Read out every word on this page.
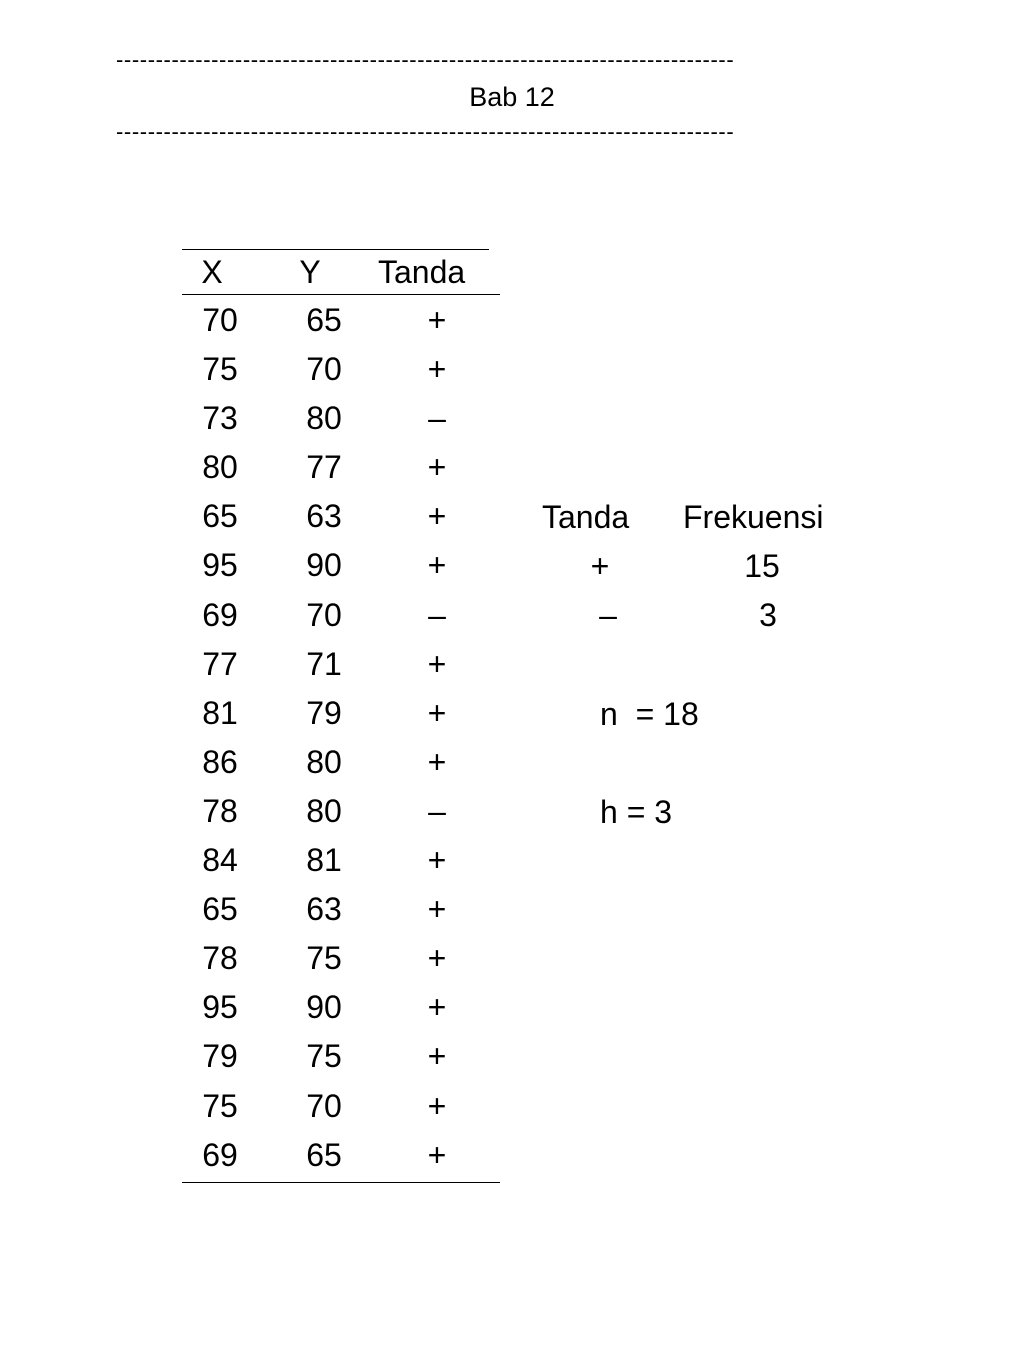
------------------------------------------------------------------------------
Bab 12
------------------------------------------------------------------------------
X Y Tanda
70 65	+
75 70	+
73 80	–
80 77	+
65 63	+
95 90	+
69 70	–
77 71	+
81 79	+
86 80	+
78 80	–
84 81	+
65 63	+
78 75	+
95 90	+
79 75	+
75 70	+
69 65	+
Tanda Frekuensi
+	15
–	3
n  = 18
h = 3
